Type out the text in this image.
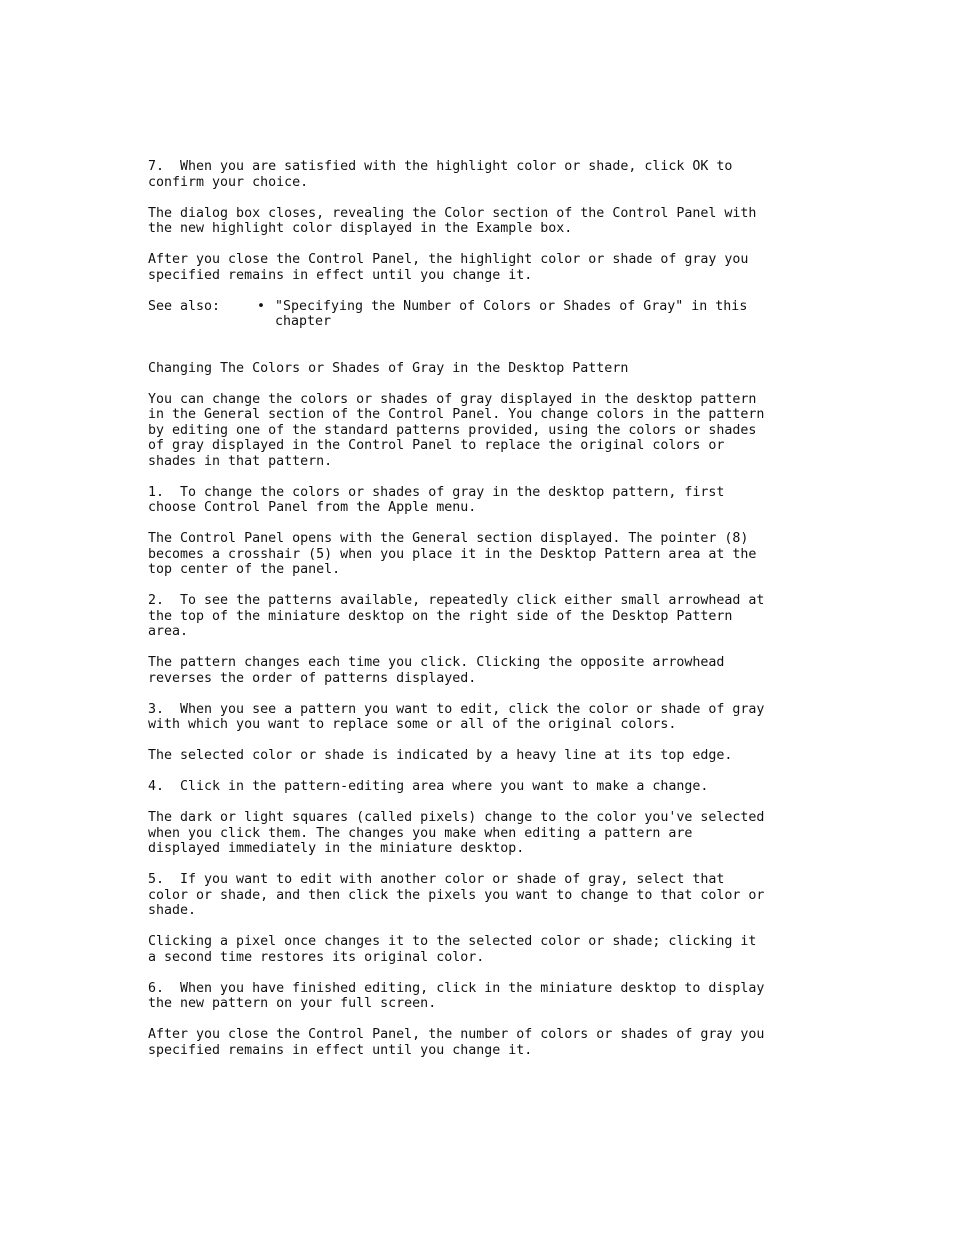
7.  When you are satisfied with the highlight color or shade, click OK to
confirm your choice.

The dialog box closes, revealing the Color section of the Control Panel with
the new highlight color displayed in the Example box.

After you close the Control Panel, the highlight color or shade of gray you
specified remains in effect until you change it.

See also:	• "Specifying the Number of Colors or Shades of Gray" in this
chapter

Changing The Colors or Shades of Gray in the Desktop Pattern

You can change the colors or shades of gray displayed in the desktop pattern
in the General section of the Control Panel. You change colors in the pattern
by editing one of the standard patterns provided, using the colors or shades
of gray displayed in the Control Panel to replace the original colors or
shades in that pattern.

1.  To change the colors or shades of gray in the desktop pattern, first
choose Control Panel from the Apple menu.

The Control Panel opens with the General section displayed. The pointer (8)
becomes a crosshair (5) when you place it in the Desktop Pattern area at the
top center of the panel.

2.  To see the patterns available, repeatedly click either small arrowhead at
the top of the miniature desktop on the right side of the Desktop Pattern
area.

The pattern changes each time you click. Clicking the opposite arrowhead
reverses the order of patterns displayed.

3.  When you see a pattern you want to edit, click the color or shade of gray
with which you want to replace some or all of the original colors.

The selected color or shade is indicated by a heavy line at its top edge.

4.  Click in the pattern-editing area where you want to make a change.

The dark or light squares (called pixels) change to the color you've selected
when you click them. The changes you make when editing a pattern are
displayed immediately in the miniature desktop.

5.  If you want to edit with another color or shade of gray, select that
color or shade, and then click the pixels you want to change to that color or
shade.

Clicking a pixel once changes it to the selected color or shade; clicking it
a second time restores its original color.

6.  When you have finished editing, click in the miniature desktop to display
the new pattern on your full screen.

After you close the Control Panel, the number of colors or shades of gray you
specified remains in effect until you change it.
